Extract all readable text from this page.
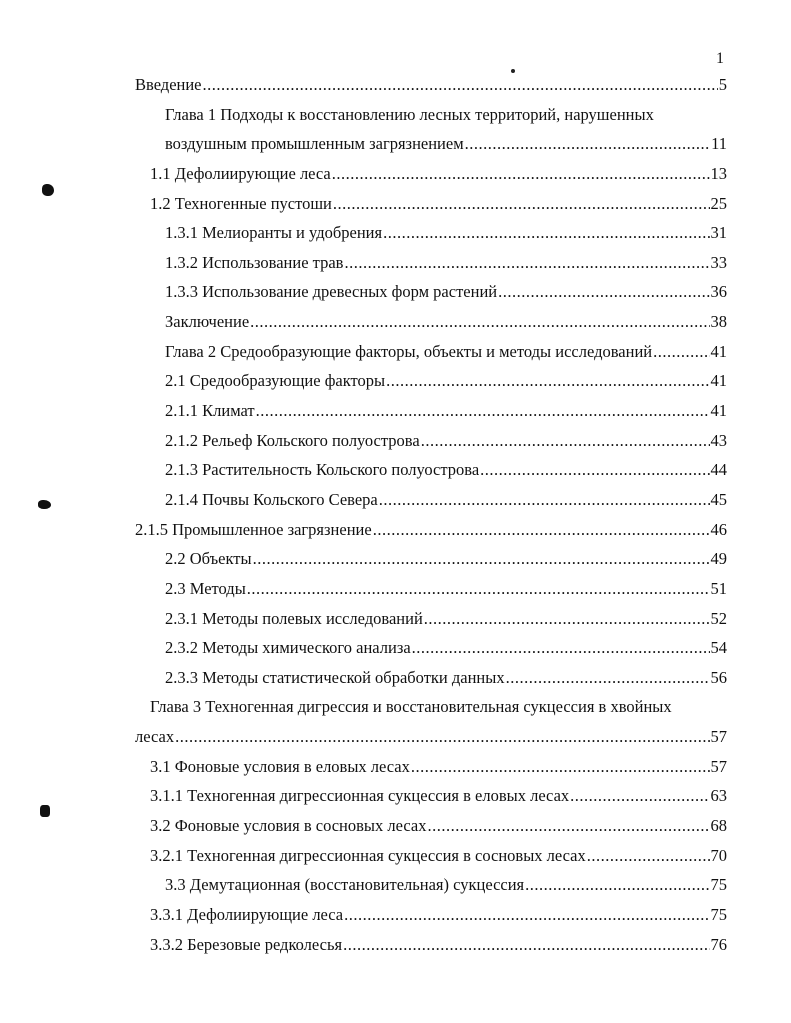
1
Введение .....	5
Глава 1 Подходы к восстановлению лесных территорий, нарушенных
воздушным промышленным загрязнением .....	11
1.1 Дефолиирующие леса .....	13
1.2 Техногенные пустоши .....	25
1.3.1 Мелиоранты и удобрения .....	31
1.3.2 Использование трав .....	33
1.3.3 Использование древесных форм растений .....	36
Заключение .....	38
Глава 2 Средообразующие факторы, объекты и методы исследований .....	41
2.1 Средообразующие факторы .....	41
2.1.1 Климат .....	41
2.1.2 Рельеф Кольского полуострова .....	43
2.1.3 Растительность Кольского полуострова .....	44
2.1.4 Почвы Кольского Севера .....	45
2.1.5 Промышленное загрязнение .....	46
2.2 Объекты .....	49
2.3 Методы .....	51
2.3.1 Методы полевых исследований .....	52
2.3.2 Методы химического анализа .....	54
2.3.3 Методы статистической обработки данных .....	56
Глава 3 Техногенная дигрессия и восстановительная сукцессия в хвойных
лесах .....	57
3.1 Фоновые условия в еловых лесах .....	57
3.1.1 Техногенная дигрессионная сукцессия в еловых лесах .....	63
3.2 Фоновые условия в сосновых лесах .....	68
3.2.1 Техногенная дигрессионная сукцессия в сосновых лесах .....	70
3.3 Демутационная (восстановительная) сукцессия .....	75
3.3.1 Дефолиирующие леса .....	75
3.3.2 Березовые редколесья .....	76
